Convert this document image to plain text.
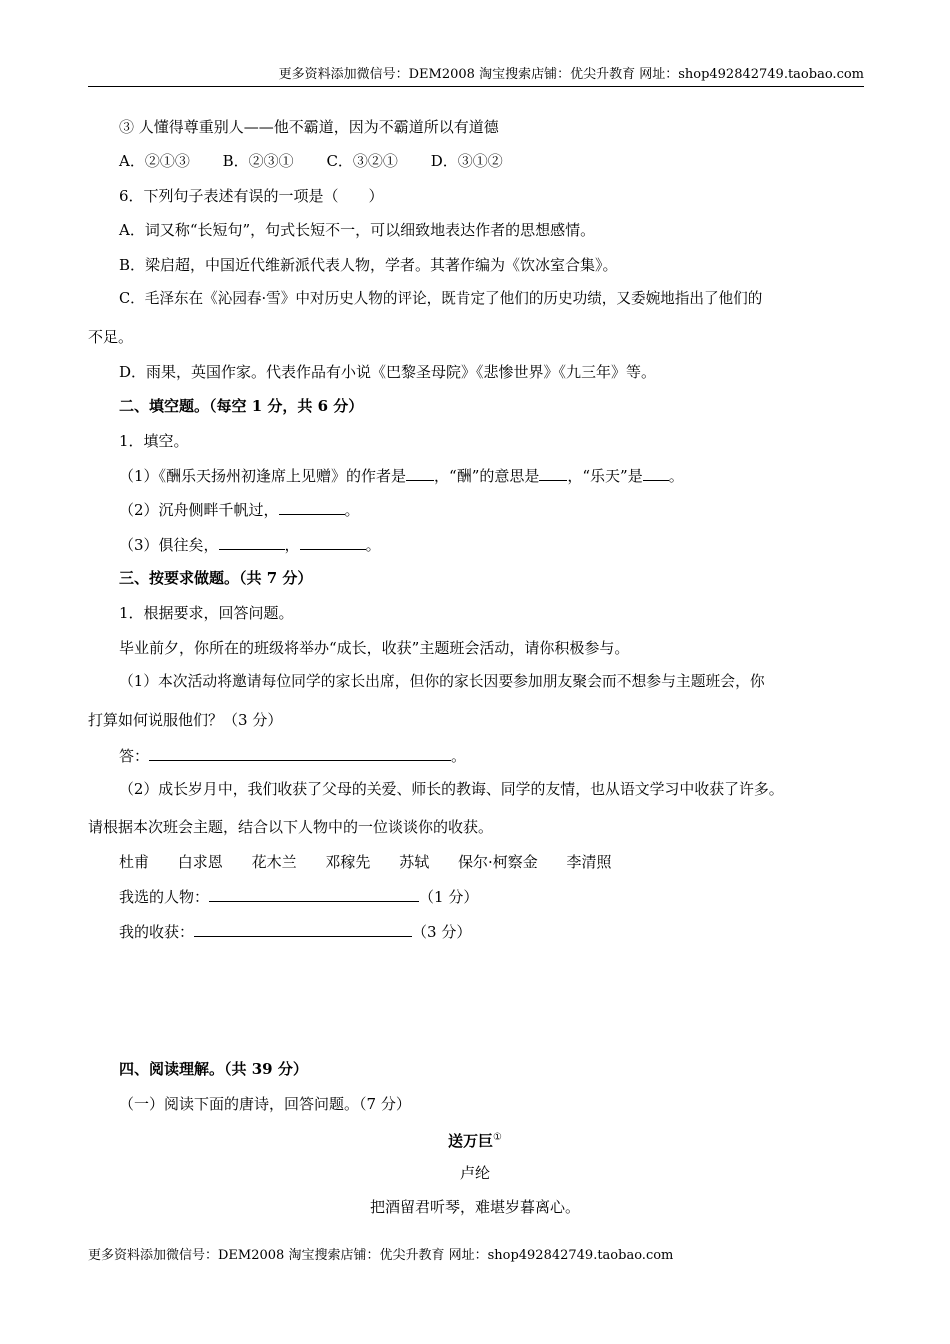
更多资料添加微信号：DEM2008 淘宝搜索店铺：优尖升教育 网址：shop492842749.taobao.com
③ 人懂得尊重别人——他不霸道，因为不霸道所以有道德
A．②①③ B．②③① C．③②① D．③①②
6．下列句子表述有误的一项是（　　）
A．词又称“长短句”，句式长短不一，可以细致地表达作者的思想感情。
B．梁启超，中国近代维新派代表人物，学者。其著作编为《饮冰室合集》。
C．毛泽东在《沁园春·雪》中对历史人物的评论，既肯定了他们的历史功绩，又委婉地指出了他们的
不足。
D．雨果，英国作家。代表作品有小说《巴黎圣母院》《悲惨世界》《九三年》等。
二、填空题。（每空 1 分，共 6 分）
1．填空。
（1）《酬乐天扬州初逢席上见赠》的作者是 ，“酬”的意思是 ，“乐天”是 。
（2）沉舟侧畔千帆过，	。
（3）俱往矣，	，	。
三、按要求做题。（共 7 分）
1．根据要求，回答问题。
毕业前夕，你所在的班级将举办“成长，收获”主题班会活动，请你积极参与。
（1）本次活动将邀请每位同学的家长出席，但你的家长因要参加朋友聚会而不想参与主题班会，你
打算如何说服他们？（3 分）
答：	。
（2）成长岁月中，我们收获了父母的关爱、师长的教诲、同学的友情，也从语文学习中收获了许多。
请根据本次班会主题，结合以下人物中的一位谈谈你的收获。
杜甫 白求恩 花木兰 邓稼先 苏轼 保尔·柯察金 李清照
我选的人物：	（1 分）
我的收获：	（3 分）
四、阅读理解。（共 39 分）
（一）阅读下面的唐诗，回答问题。（7 分）
送万巨①
卢纶
把酒留君听琴，难堪岁暮离心。
更多资料添加微信号：DEM2008 淘宝搜索店铺：优尖升教育 网址：shop492842749.taobao.com
